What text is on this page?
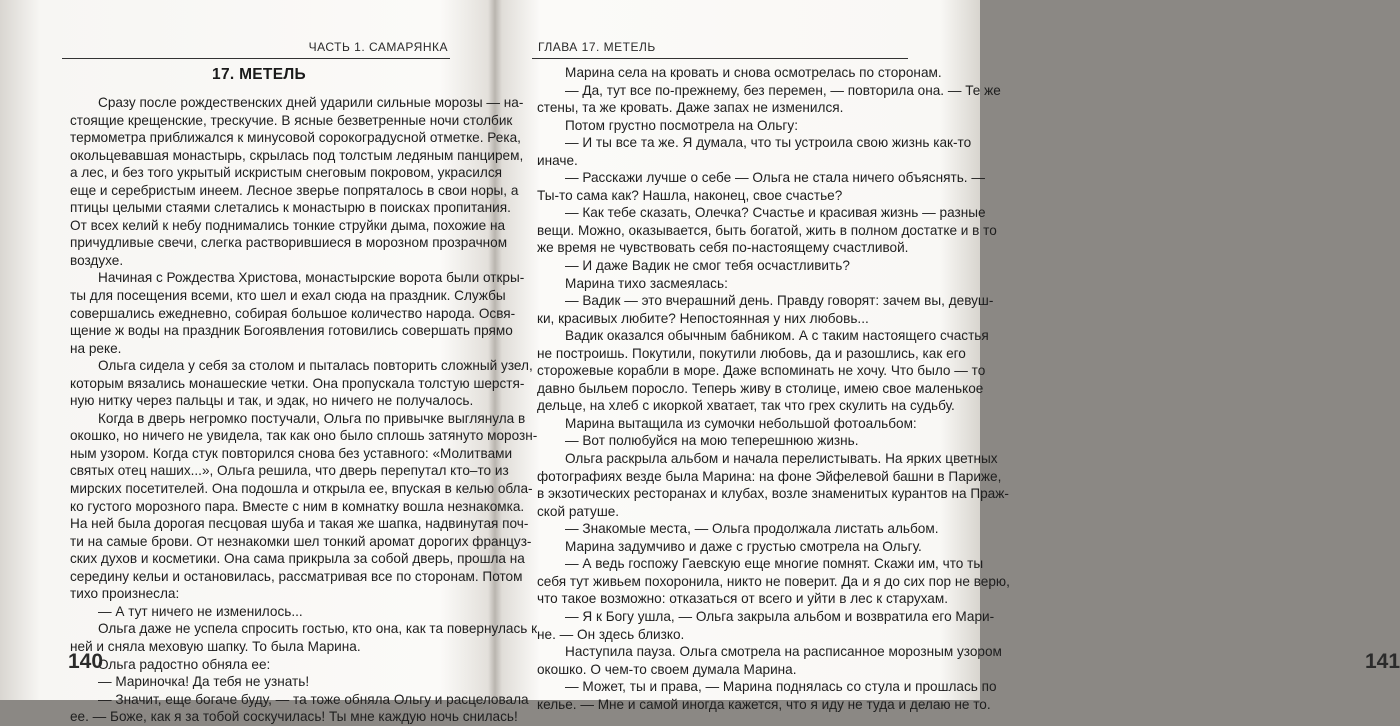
ЧАСТЬ 1. САМАРЯНКА
17. МЕТЕЛЬ

Сразу после рождественских дней ударили сильные морозы — на-

стоящие крещенские, трескучие. В ясные безветренные ночи столбик

термометра приближался к минусовой сорокоградусной отметке. Река,

окольцевавшая монастырь, скрылась под толстым ледяным панцирем,

а лес, и без того укрытый искристым снеговым покровом, украсился

еще и серебристым инеем. Лесное зверье попряталось в свои норы, а

птицы целыми стаями слетались к монастырю в поисках пропитания.

От всех келий к небу поднимались тонкие струйки дыма, похожие на

причудливые свечи, слегка растворившиеся в морозном прозрачном

воздухе.

Начиная с Рождества Христова, монастырские ворота были откры-

ты для посещения всеми, кто шел и ехал сюда на праздник. Службы

совершались ежедневно, собирая большое количество народа. Освя-

щение ж воды на праздник Богоявления готовились совершать прямо

на реке.

Ольга сидела у себя за столом и пыталась повторить сложный узел,

которым вязались монашеские четки. Она пропускала толстую шерстя-

ную нитку через пальцы и так, и эдак, но ничего не получалось.

Когда в дверь негромко постучали, Ольга по привычке выглянула в

окошко, но ничего не увидела, так как оно было сплошь затянуто морозн-

ным узором. Когда стук повторился снова без уставного: «Молитвами

святых отец наших...», Ольга решила, что дверь перепутал кто–то из

мирских посетителей. Она подошла и открыла ее, впуская в келью обла-

ко густого морозного пара. Вместе с ним в комнатку вошла незнакомка.

На ней была дорогая песцовая шуба и такая же шапка, надвинутая поч-

ти на самые брови. От незнакомки шел тонкий аромат дорогих француз-

ских духов и косметики. Она сама прикрыла за собой дверь, прошла на

середину кельи и остановилась, рассматривая все по сторонам. Потом

тихо произнесла:

— А тут ничего не изменилось...

Ольга даже не успела спросить гостью, кто она, как та повернулась к

ней и сняла меховую шапку. То была Марина.

Ольга радостно обняла ее:

— Мариночка! Да тебя не узнать!

— Значит, еще богаче буду, — та тоже обняла Ольгу и расцеловала

ее. — Боже, как я за тобой соскучилась! Ты мне каждую ночь снилась!

140
ГЛАВА 17. МЕТЕЛЬ
141

Марина села на кровать и снова осмотрелась по сторонам.

— Да, тут все по-прежнему, без перемен, — повторила она. — Те же

стены, та же кровать. Даже запах не изменился.

Потом грустно посмотрела на Ольгу:

— И ты все та же. Я думала, что ты устроила свою жизнь как-то

иначе.

— Расскажи лучше о себе — Ольга не стала ничего объяснять. —

Ты-то сама как? Нашла, наконец, свое счастье?

— Как тебе сказать, Олечка? Счастье и красивая жизнь — разные

вещи. Можно, оказывается, быть богатой, жить в полном достатке и в то

же время не чувствовать себя по-настоящему счастливой.

— И даже Вадик не смог тебя осчастливить?

Марина тихо засмеялась:

— Вадик — это вчерашний день. Правду говорят: зачем вы, девуш-

ки, красивых любите? Непостоянная у них любовь...

Вадик оказался обычным бабником. А с таким настоящего счастья

не построишь. Покутили, покутили любовь, да и разошлись, как его

сторожевые корабли в море. Даже вспоминать не хочу. Что было — то

давно быльем поросло. Теперь живу в столице, имею свое маленькое

дельце, на хлеб с икоркой хватает, так что грех скулить на судьбу.

Марина вытащила из сумочки небольшой фотоальбом:

— Вот полюбуйся на мою теперешнюю жизнь.

Ольга раскрыла альбом и начала перелистывать. На ярких цветных

фотографиях везде была Марина: на фоне Эйфелевой башни в Париже,

в экзотических ресторанах и клубах, возле знаменитых курантов на Праж-

ской ратуше.

— Знакомые места, — Ольга продолжала листать альбом.

Марина задумчиво и даже с грустью смотрела на Ольгу.

— А ведь госпожу Гаевскую еще многие помнят. Скажи им, что ты

себя тут живьем похоронила, никто не поверит. Да и я до сих пор не верю,

что такое возможно: отказаться от всего и уйти в лес к старухам.

— Я к Богу ушла, — Ольга закрыла альбом и возвратила его Мари-

не. — Он здесь близко.

Наступила пауза. Ольга смотрела на расписанное морозным узором

окошко. О чем-то своем думала Марина.

— Может, ты и права, — Марина поднялась со стула и прошлась по

келье. — Мне и самой иногда кажется, что я иду не туда и делаю не то.
